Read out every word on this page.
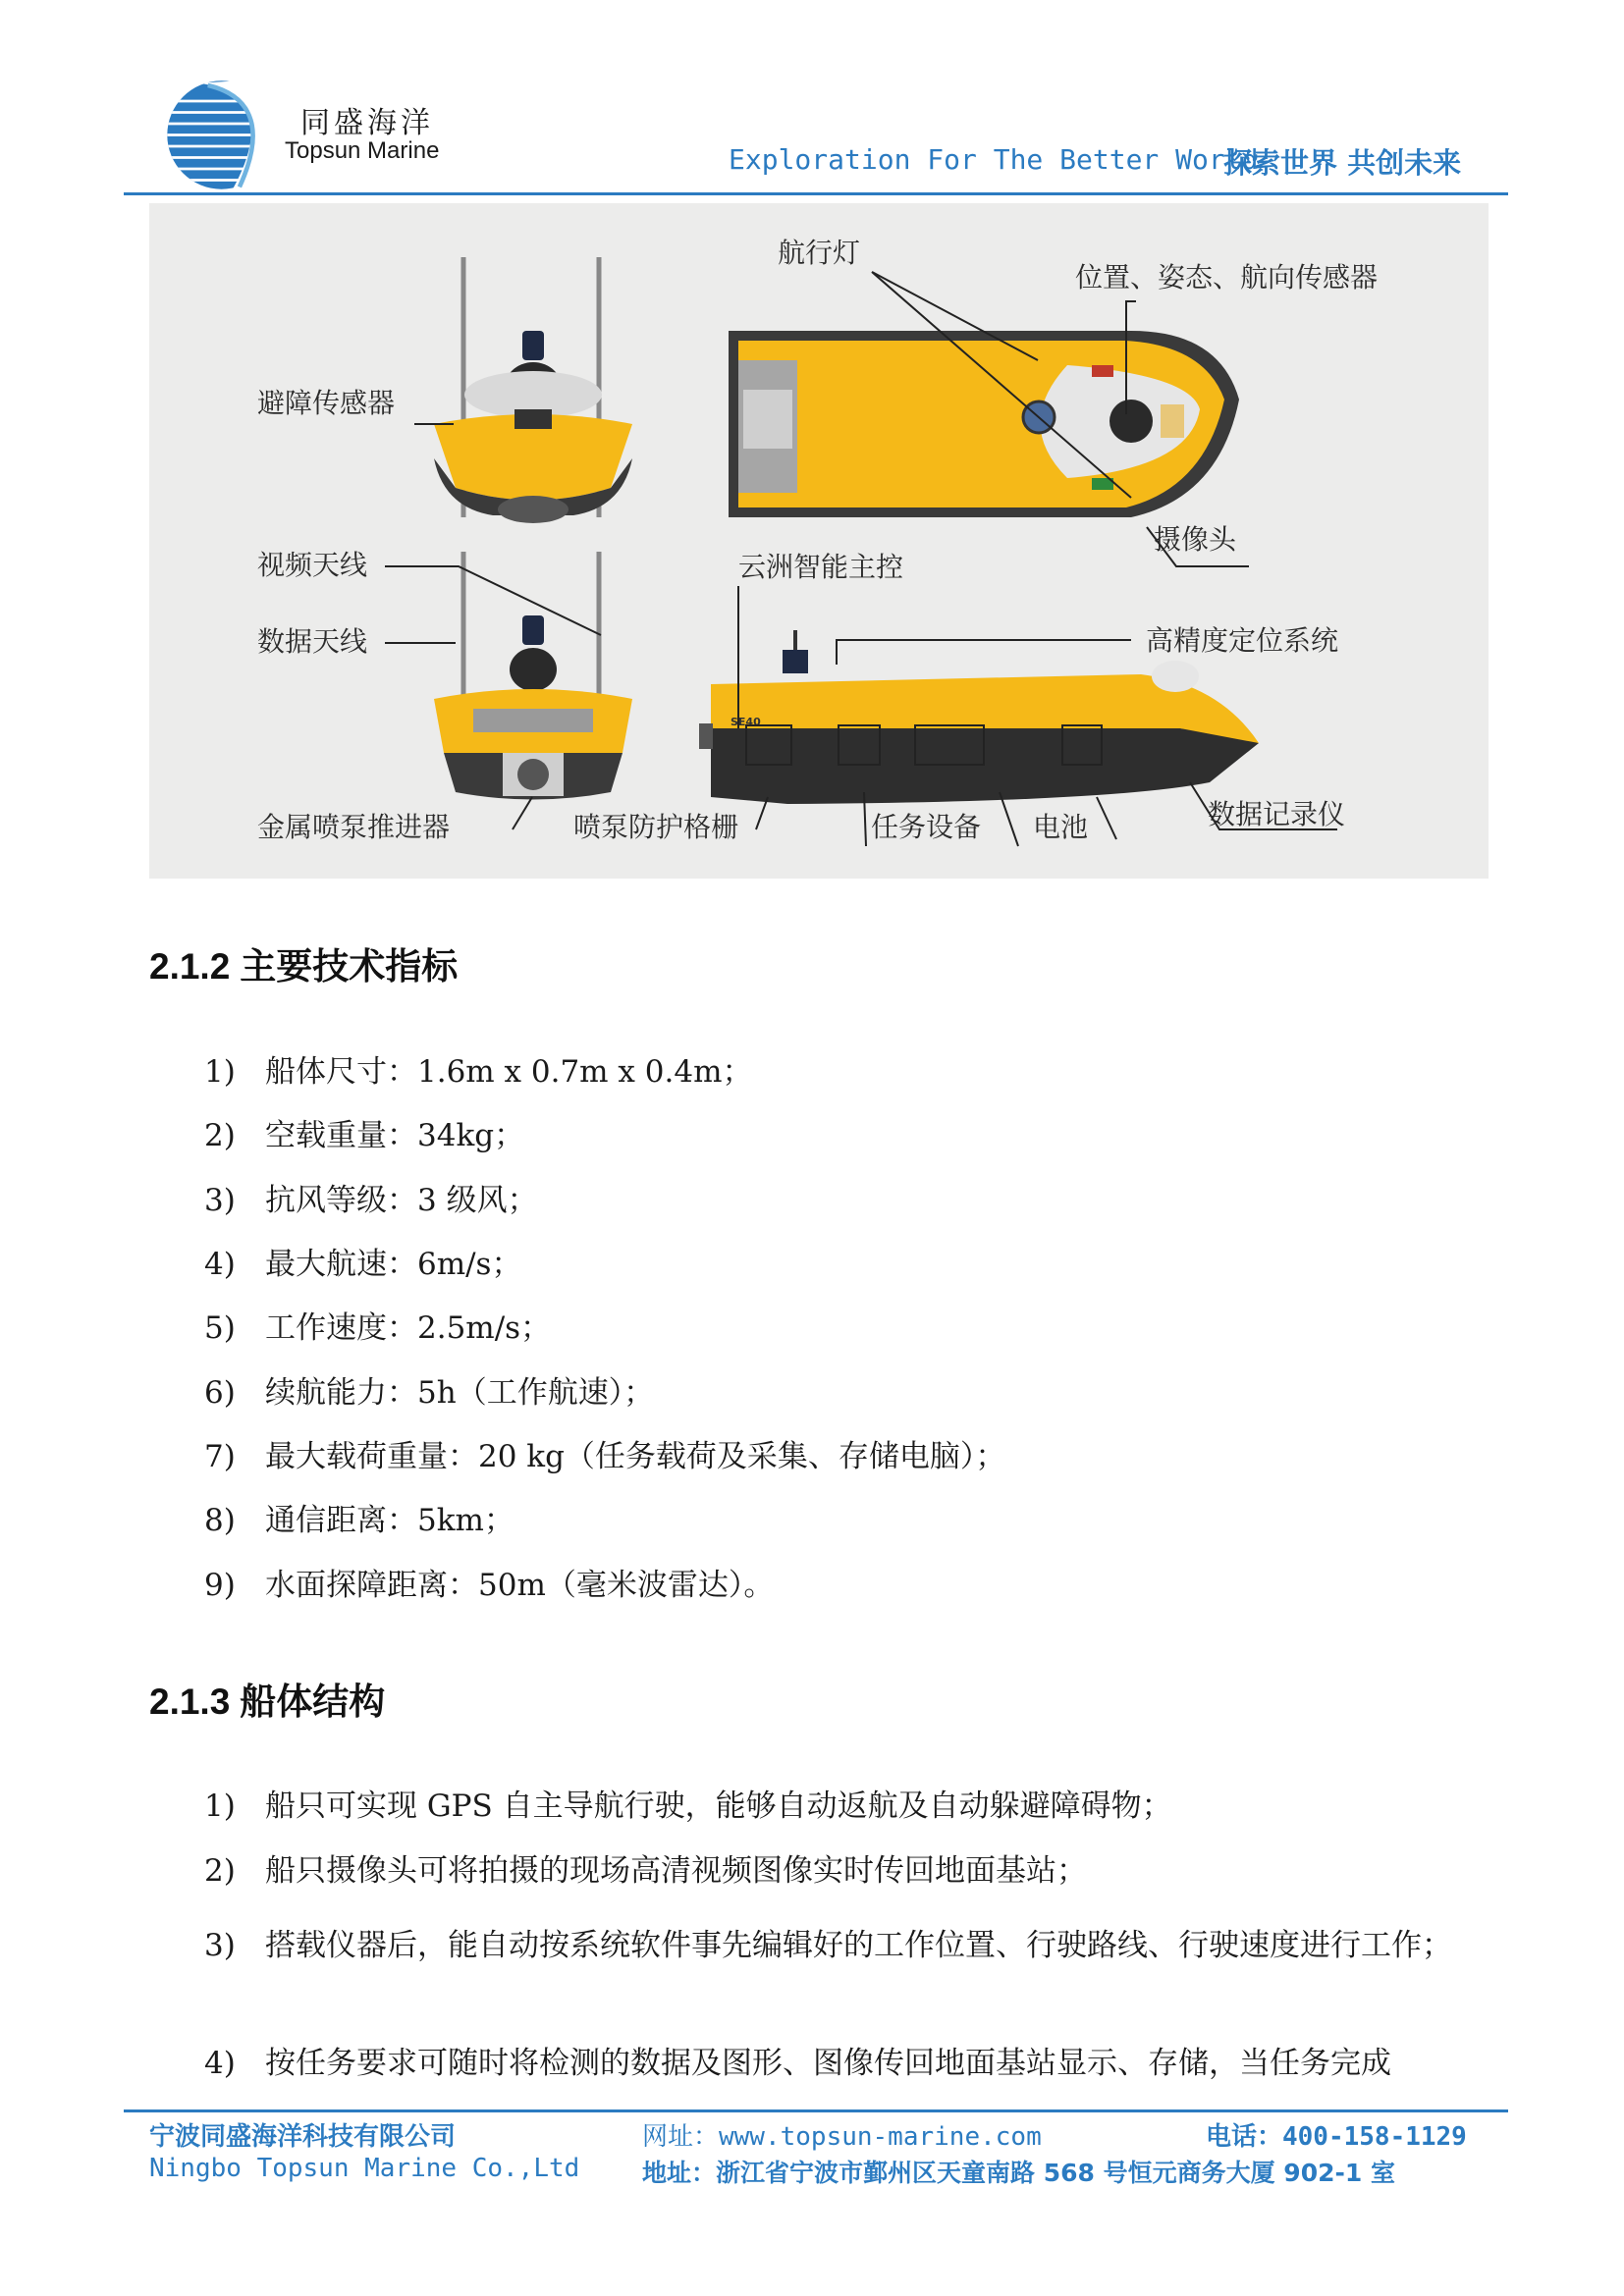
同盛海洋
Topsun Marine	Exploration For The Better World
探索世界 共创未来
SE40
航行灯
位置、姿态、航向传感器
避障传感器
摄像头
视频天线	云洲智能主控
数据天线	高精度定位系统
金属喷泵推进器	喷泵防护格栅	任务设备 电池	数据记录仪
2.1.2 主要技术指标
1) 船体尺寸：1.6m x 0.7m x 0.4m；
2) 空载重量：34kg；
3) 抗风等级：3 级风；
4) 最大航速：6m/s；
5) 工作速度：2.5m/s；
6) 续航能力：5h（工作航速）；
7) 最大载荷重量：20 kg（任务载荷及采集、存储电脑）；
8) 通信距离：5km；
9) 水面探障距离：50m（毫米波雷达）。
2.1.3 船体结构
1) 船只可实现 GPS 自主导航行驶，能够自动返航及自动躲避障碍物；
2) 船只摄像头可将拍摄的现场高清视频图像实时传回地面基站；
3) 搭载仪器后，能自动按系统软件事先编辑好的工作位置、行驶路线、行驶速度进行工作；
4) 按任务要求可随时将检测的数据及图形、图像传回地面基站显示、存储，当任务完成
宁波同盛海洋科技有限公司
Ningbo Topsun Marine Co.,Ltd
网址：www.topsun-marine.com	电话：400-158-1129
地址：浙江省宁波市鄞州区天童南路 568 号恒元商务大厦 902-1 室
